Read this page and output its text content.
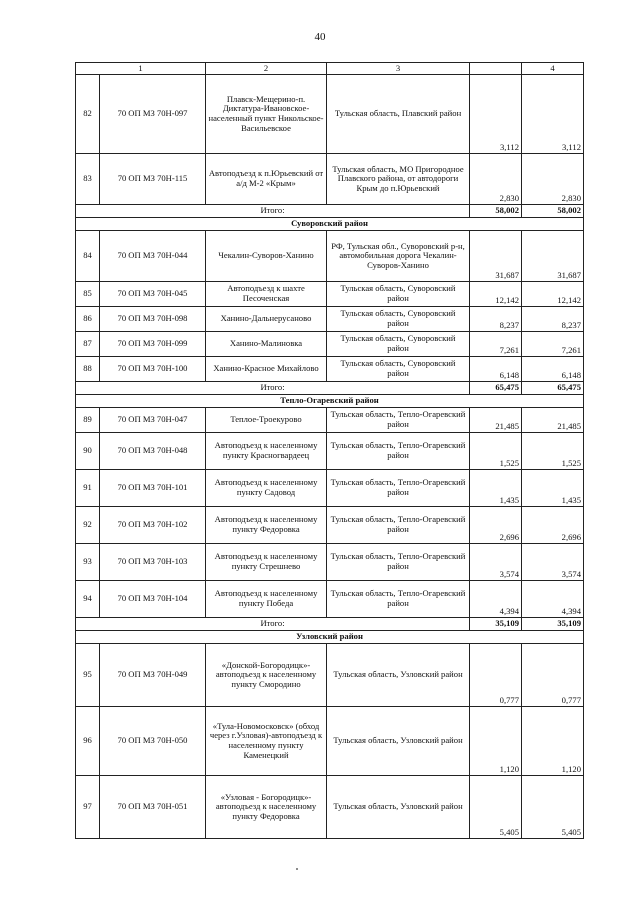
40
1		2	3		4
82	70 ОП МЗ 70Н-097	Плавск-Мещерино-п. Диктатура-Ивановское-населенный пункт Никольское-Васильевское	Тульская область, Плавский район	3,112	3,112
83	70 ОП МЗ 70Н-115	Автоподъезд к п.Юрьевский от а/д М-2 «Крым»	Тульская область, МО Пригородное Плавского района, от автодороги Крым до п.Юрьевский	2,830	2,830
Итого:				58,002	58,002
Суворовский район					
84	70 ОП МЗ 70Н-044	Чекалин-Суворов-Ханино	РФ, Тульская обл., Суворовский р-н, автомобильная дорога Чекалин-Суворов-Ханино	31,687	31,687
85	70 ОП МЗ 70Н-045	Автоподъезд к шахте Песоченская	Тульская область, Суворовский район	12,142	12,142
86	70 ОП МЗ 70Н-098	Ханино-Дальнерусаново	Тульская область, Суворовский район	8,237	8,237
87	70 ОП МЗ 70Н-099	Ханино-Малиновка	Тульская область, Суворовский район	7,261	7,261
88	70 ОП МЗ 70Н-100	Ханино-Красное Михайлово	Тульская область, Суворовский район	6,148	6,148
Итого:				65,475	65,475
Тепло-Огаревский район					
89	70 ОП МЗ 70Н-047	Теплое-Троекурово	Тульская область, Тепло-Огаревский район	21,485	21,485
90	70 ОП МЗ 70Н-048	Автоподъезд к населенному пункту Красногвардеец	Тульская область, Тепло-Огаревский район	1,525	1,525
91	70 ОП МЗ 70Н-101	Автоподъезд к населенному пункту Садовод	Тульская область, Тепло-Огаревский район	1,435	1,435
92	70 ОП МЗ 70Н-102	Автоподъезд к населенному пункту Федоровка	Тульская область, Тепло-Огаревский район	2,696	2,696
93	70 ОП МЗ 70Н-103	Автоподъезд к населенному пункту Стрешнево	Тульская область, Тепло-Огаревский район	3,574	3,574
94	70 ОП МЗ 70Н-104	Автоподъезд к населенному пункту Победа	Тульская область, Тепло-Огаревский район	4,394	4,394
Итого:				35,109	35,109
Узловский район					
95	70 ОП МЗ 70Н-049	«Донской-Богородицк»-автоподъезд к населенному пункту Смородино	Тульская область, Узловский район	0,777	0,777
96	70 ОП МЗ 70Н-050	«Тула-Новомосковск» (обход через г.Узловая)-автоподъезд к населенному пункту Каменецкий	Тульская область, Узловский район	1,120	1,120
97	70 ОП МЗ 70Н-051	«Узловая - Богородицк»-автоподъезд к населенному пункту Федоровка	Тульская область, Узловский район	5,405	5,405
